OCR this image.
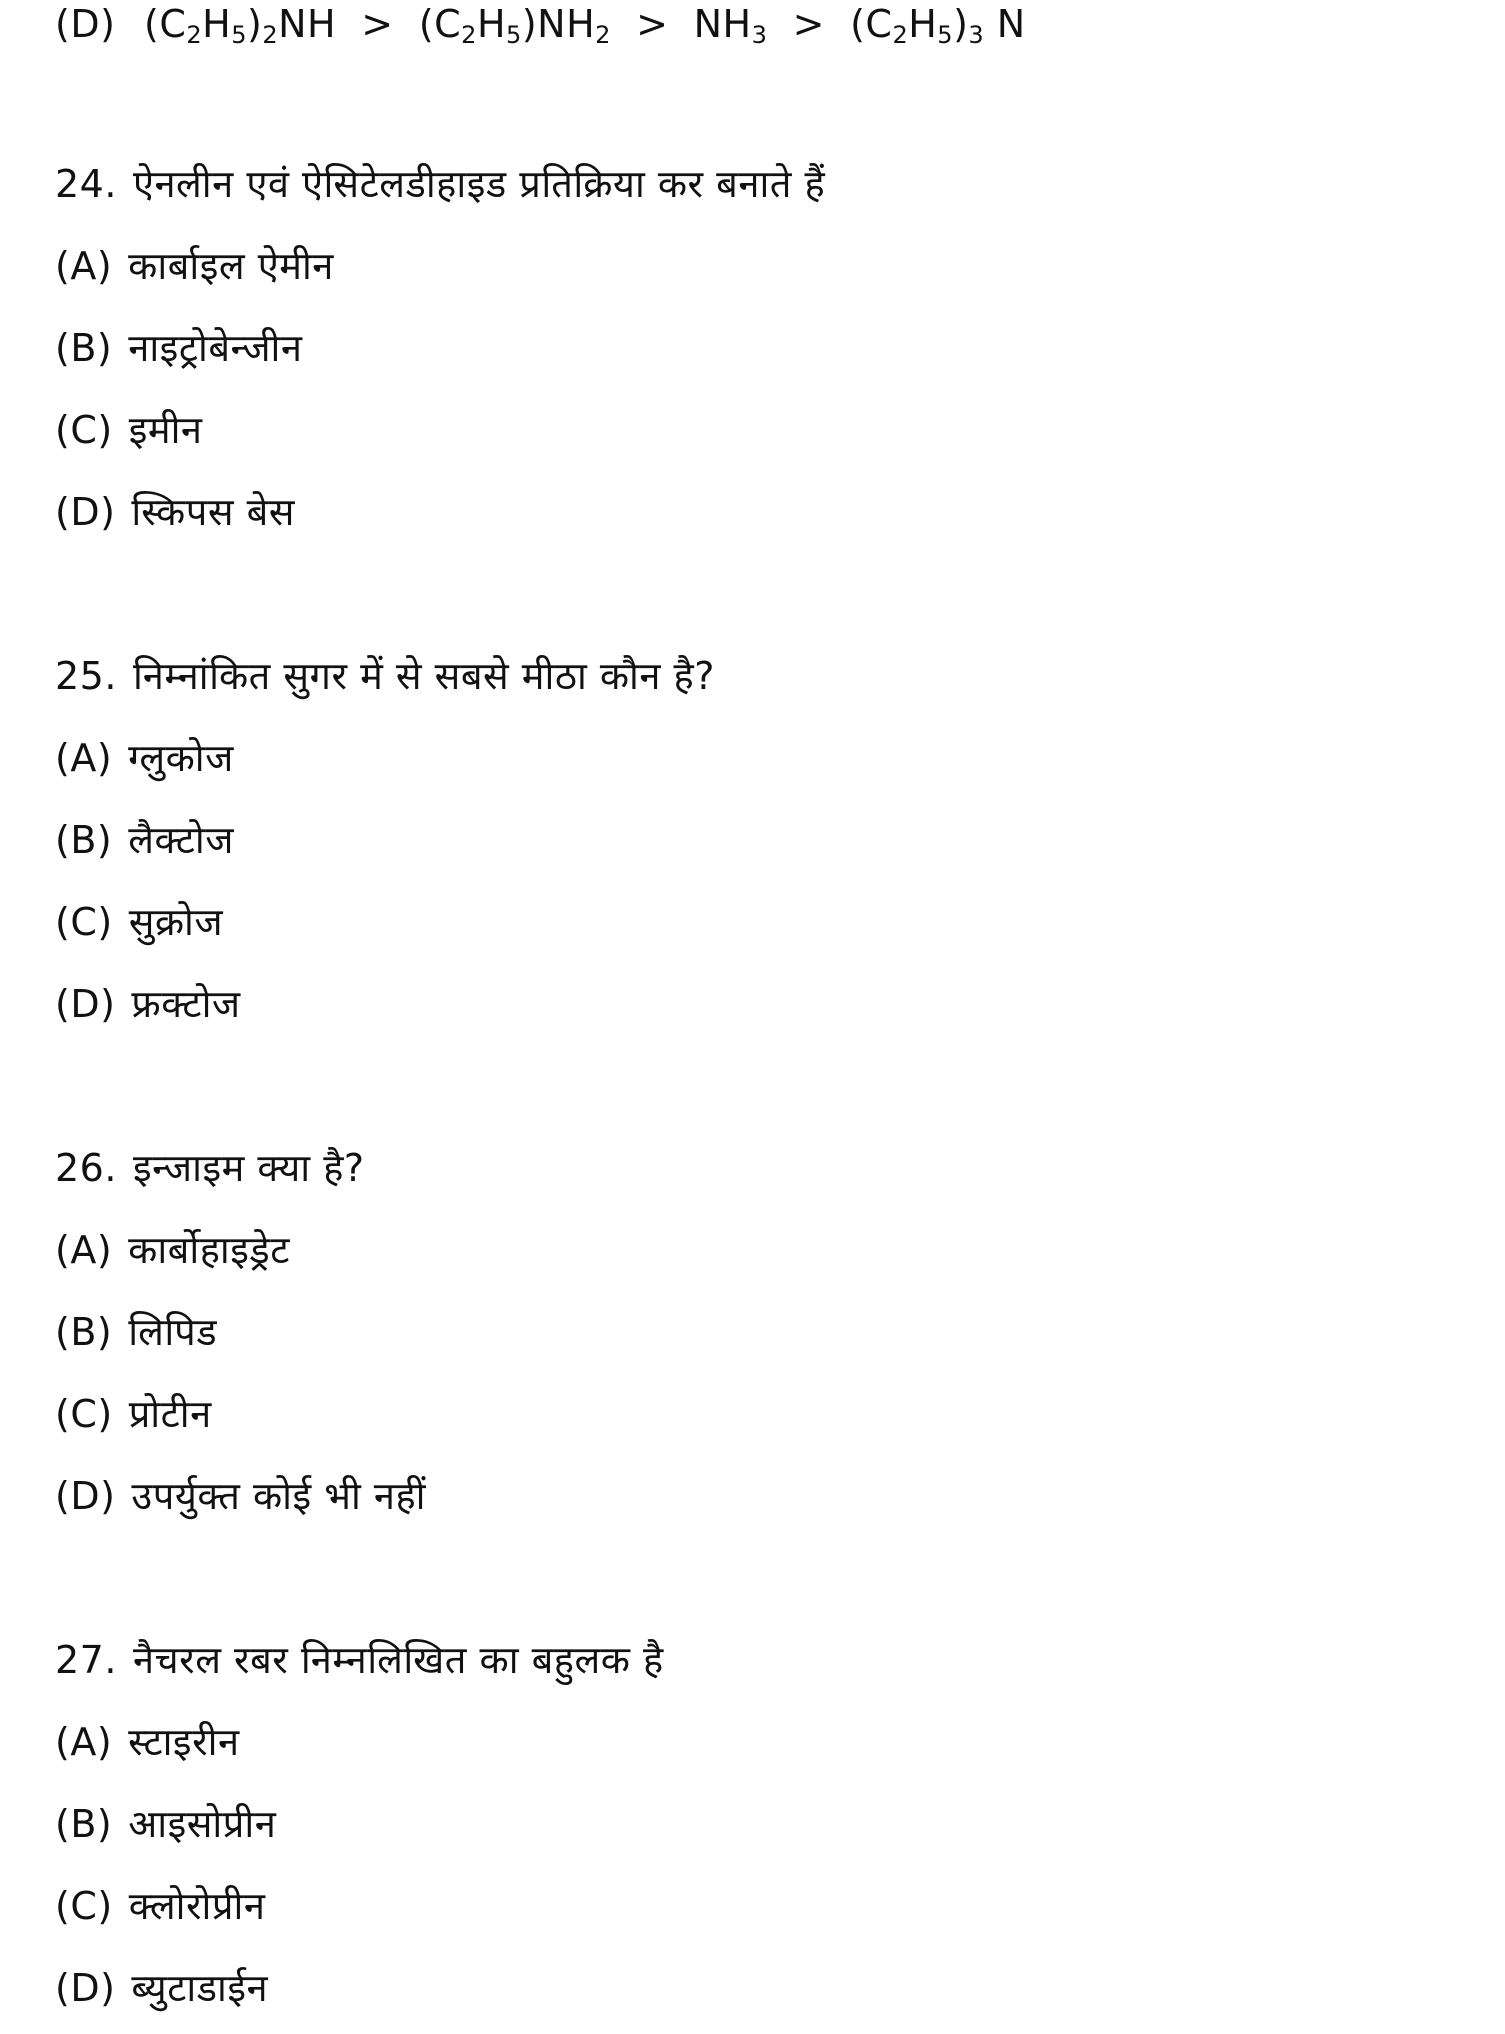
(D) $(C_2H_5)_2NH > (C_2H_5)NH_2 > NH_3 > (C_2H_5)_3$ N
24. ऐनलीन एवं ऐसिटेलडीहाइड प्रतिक्रिया कर बनाते हैं
(A) कार्बाइल ऐमीन
(B) नाइट्रोबेन्जीन
(C) इमीन
(D) स्किपस बेस
25. निम्नांकित सुगर में से सबसे मीठा कौन है?
(A) ग्लुकोज
(B) लैक्टोज
(C) सुक्रोज
(D) फ्रक्टोज
26. इन्जाइम क्या है?
(A) कार्बोहाइड्रेट
(B) लिपिड
(C) प्रोटीन
(D) उपर्युक्त कोई भी नहीं
27. नैचरल रबर निम्नलिखित का बहुलक है
(A) स्टाइरीन
(B) आइसोप्रीन
(C) क्लोरोप्रीन
(D) ब्युटाडाईन
